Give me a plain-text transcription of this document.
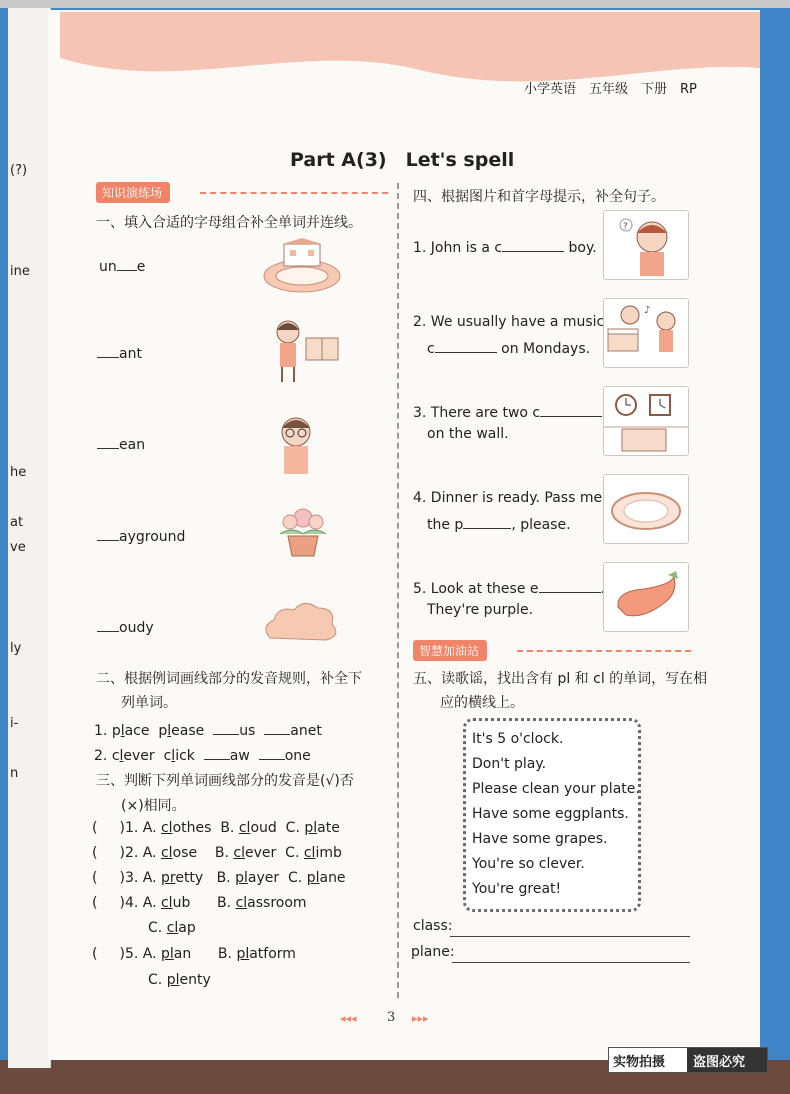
(?)
ine
he
at
ve
ly
i-
n
小学英语　五年级　下册　RP
Part A(3)　Let's spell
知识演练场
一、填入合适的字母组合补全单词并连线。
un e
ant
ean
ayground
oudy
二、根据例词画线部分的发音规则，补全下
列单词。
1. place please us anet
2. clever click aw one
三、判断下列单词画线部分的发音是(√)否
(×)相同。
( )1. A. clothes B. cloud C. plate
( )2. A. close B. clever C. climb
( )3. A. pretty B. player C. plane
( )4. A. club B. classroom
C. clap
( )5. A. plan B. platform
C. plenty
四、根据图片和首字母提示，补全句子。
1. John is a c	boy.
?
2. We usually have a music
c	on Mondays.
♪
3. There are two c
on the wall.
4. Dinner is ready. Pass me
the p	, please.
5. Look at these e	.
They're purple.
智慧加油站
五、读歌谣，找出含有 pl 和 cl 的单词，写在相
应的横线上。
It's 5 o'clock.
Don't play.
Please clean your plate.
Have some eggplants.
Have some grapes.
You're so clever.
You're great!
class:
plane:
◂◂◂ 3 ▸▸▸
实物拍摄 盗图必究
